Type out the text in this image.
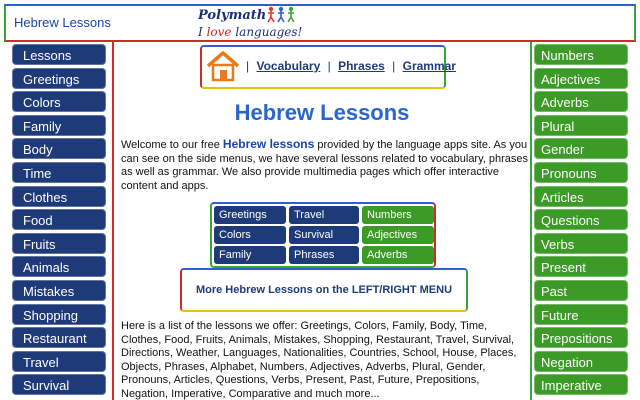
Hebrew Lessons	Polymath
I love languages!
Lessons
Greetings
Colors
Family
Body
Time
Clothes
Food
Fruits
Animals
Mistakes
Shopping
Restaurant
Travel
Survival
Numbers
Adjectives
Adverbs
Plural
Gender
Pronouns
Articles
Questions
Verbs
Present
Past
Future
Prepositions
Negation
Imperative
| Vocabulary | Phrases | Grammar
Hebrew Lessons

Welcome to our free Hebrew lessons provided by the language apps site. As you can see on the side menus, we have several lessons related to vocabulary, phrases as well as grammar. We also provide multimedia pages which offer interactive content and apps.

Greetings	Travel	Numbers
Colors	Survival	Adjectives
Family	Phrases	Adverbs
More Hebrew Lessons on the LEFT/RIGHT MENU

Here is a list of the lessons we offer: Greetings, Colors, Family, Body, Time, Clothes, Food, Fruits, Animals, Mistakes, Shopping, Restaurant, Travel, Survival, Directions, Weather, Languages, Nationalities, Countries, School, House, Places, Objects, Phrases, Alphabet, Numbers, Adjectives, Adverbs, Plural, Gender, Pronouns, Articles, Questions, Verbs, Present, Past, Future, Prepositions, Negation, Imperative, Comparative and much more...
